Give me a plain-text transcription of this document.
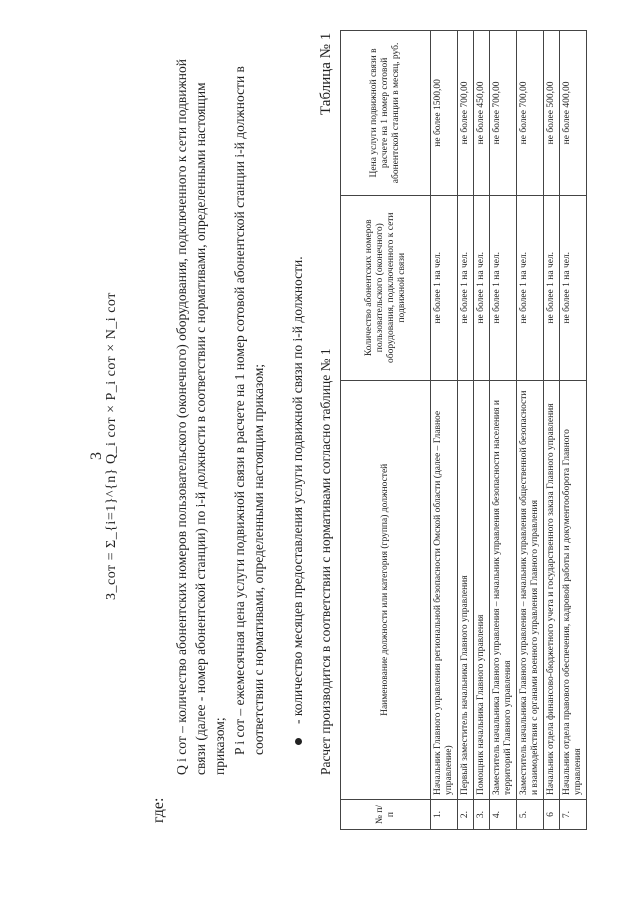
3 З_сот = Σ_{i=1}^{n} Q_i сот × P_i сот × N_i сот
где:
Q i сот – количество абонентских номеров пользовательского (оконечного) оборудования, подключенного к сети подвижной связи (далее - номер абонентской станции) по i-й должности в соответствии с нормативами, определенными настоящим приказом; P i сот – ежемесячная цена услуги подвижной связи в расчете на 1 номер сотовой абонентской станции i-й должности в соответствии с нормативами, определенными настоящим приказом; - количество месяцев предоставления услуги подвижной связи по i-й должности. Расчет производится в соответствии с нормативами согласно таблице № 1
Таблица № 1
№ п/п	Наименование должности или категория (группа) должностей	Количество абонентских номеров пользовательского (оконечного) оборудования, подключенного к сети подвижной связи	Цена услуги подвижной связи в расчете на 1 номер сотовой абонентской станции в месяц, руб.
1.	Начальник Главного управления региональной безопасности Омской области (далее – Главное управление)	не более 1 на чел.	не более 1500,00
2.	Первый заместитель начальника Главного управления	не более 1 на чел.	не более 700,00
3.	Помощник начальника Главного управления	не более 1 на чел.	не более 450,00
4.	Заместитель начальника Главного управления – начальник управления безопасности населения и территорий Главного управления	не более 1 на чел.	не более 700,00
5.	Заместитель начальника Главного управления – начальник управления общественной безопасности и взаимодействия с органами военного управления Главного управления	не более 1 на чел.	не более 700,00
6	Начальник отдела финансово-бюджетного учета и государственного заказа Главного управления	не более 1 на чел.	не более 500,00
7.	Начальник отдела правового обеспечения, кадровой работы и документооборота Главного управления	не более 1 на чел.	не более 400,00
